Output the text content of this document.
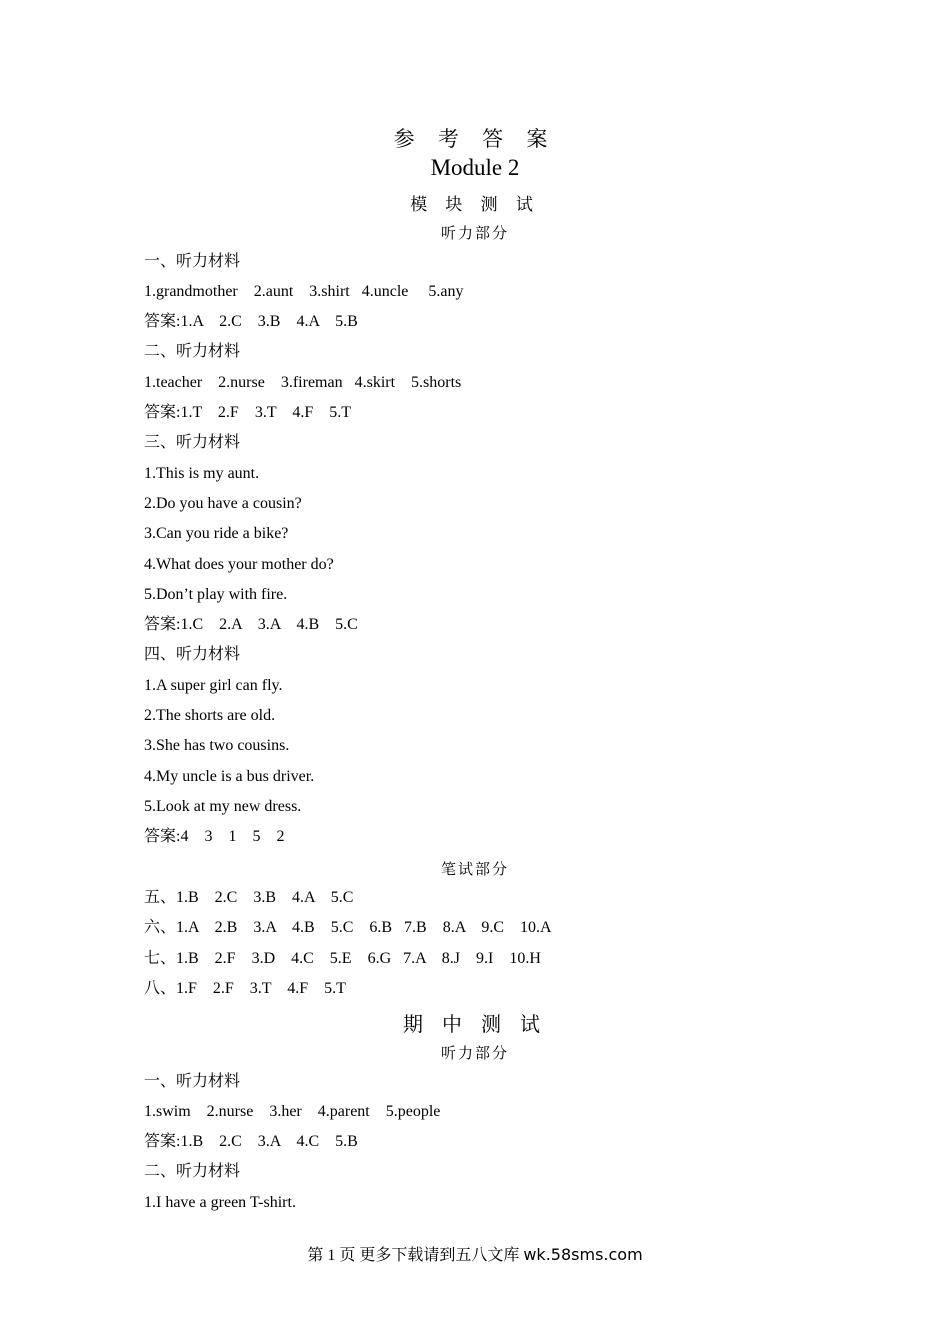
参 考 答 案
Module 2
模 块 测 试
听力部分
一、听力材料
1.grandmother    2.aunt    3.shirt   4.uncle     5.any
答案:1.A    2.C    3.B    4.A    5.B
二、听力材料
1.teacher    2.nurse    3.fireman   4.skirt    5.shorts
答案:1.T    2.F    3.T    4.F    5.T
三、听力材料
1.This is my aunt.
2.Do you have a cousin?
3.Can you ride a bike?
4.What does your mother do?
5.Don’t play with fire.
答案:1.C    2.A    3.A    4.B    5.C
四、听力材料
1.A super girl can fly.
2.The shorts are old.
3.She has two cousins.
4.My uncle is a bus driver.
5.Look at my new dress.
答案:4    3    1    5    2
笔试部分
五、1.B    2.C    3.B    4.A    5.C
六、1.A    2.B    3.A    4.B    5.C    6.B   7.B    8.A    9.C    10.A
七、1.B    2.F    3.D    4.C    5.E    6.G   7.A    8.J    9.I    10.H
八、1.F    2.F    3.T    4.F    5.T
期 中 测 试
听力部分
一、听力材料
1.swim    2.nurse    3.her    4.parent    5.people
答案:1.B    2.C    3.A    4.C    5.B
二、听力材料
1.I have a green T-shirt.
第 1 页 更多下载请到五八文库 wk.58sms.com
